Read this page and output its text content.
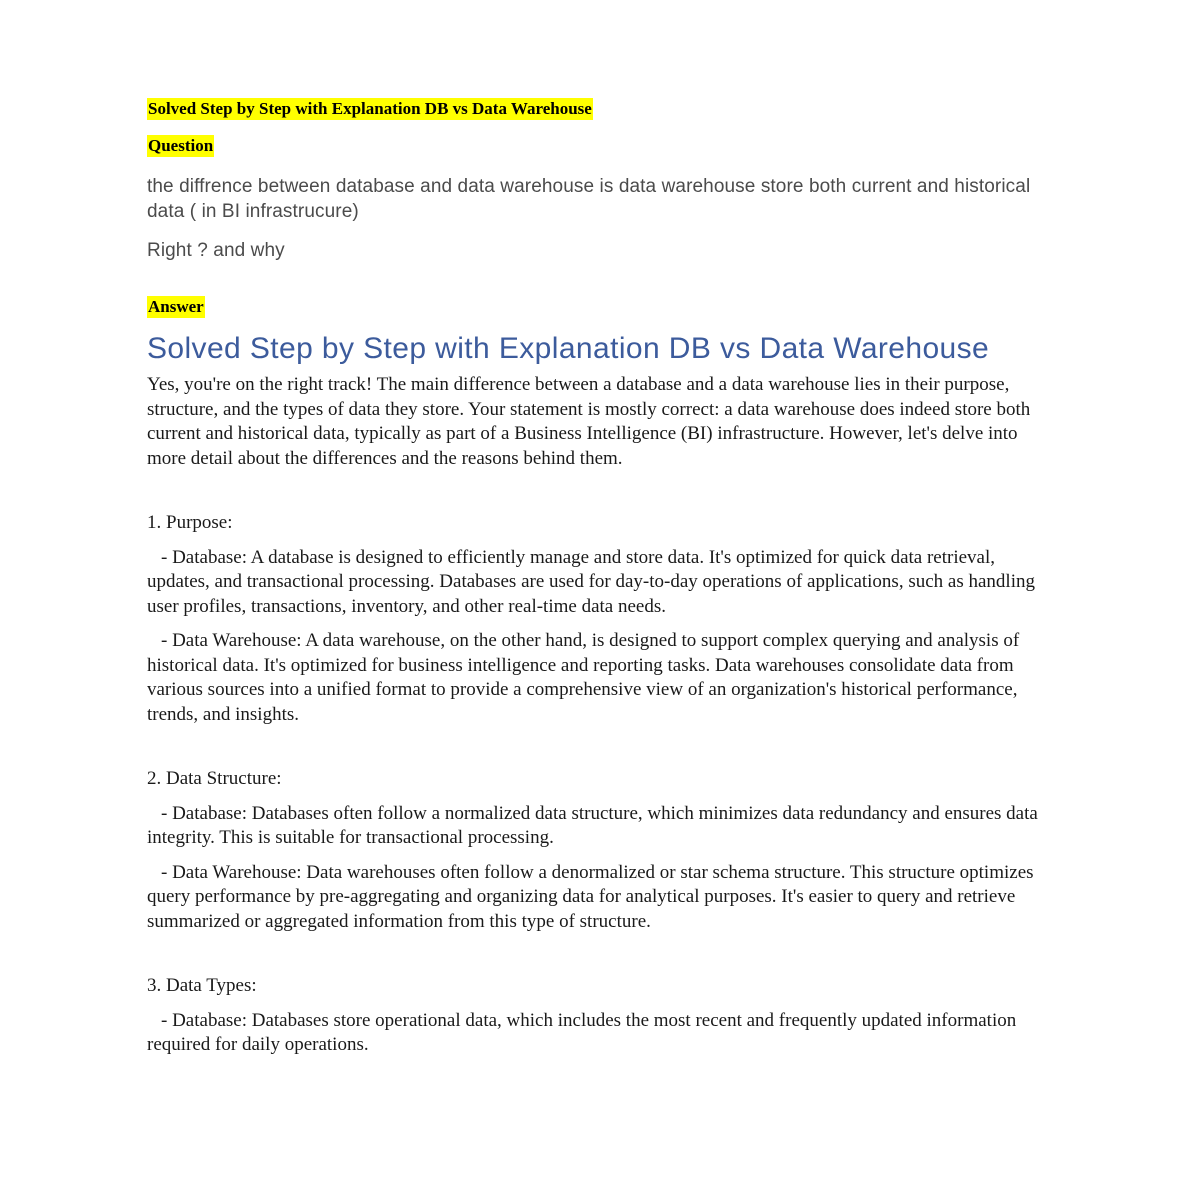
Solved Step by Step with Explanation DB vs Data Warehouse

Question

the diffrence between database and data warehouse is data warehouse store both current and historical data ( in BI infrastrucure)

Right ? and why

Answer

Solved Step by Step with Explanation DB vs Data Warehouse

Yes, you're on the right track! The main difference between a database and a data warehouse lies in their purpose, structure, and the types of data they store. Your statement is mostly correct: a data warehouse does indeed store both current and historical data, typically as part of a Business Intelligence (BI) infrastructure. However, let's delve into more detail about the differences and the reasons behind them.

1. Purpose:

- Database: A database is designed to efficiently manage and store data. It's optimized for quick data retrieval, updates, and transactional processing. Databases are used for day-to-day operations of applications, such as handling user profiles, transactions, inventory, and other real-time data needs.

- Data Warehouse: A data warehouse, on the other hand, is designed to support complex querying and analysis of historical data. It's optimized for business intelligence and reporting tasks. Data warehouses consolidate data from various sources into a unified format to provide a comprehensive view of an organization's historical performance, trends, and insights.

2. Data Structure:

- Database: Databases often follow a normalized data structure, which minimizes data redundancy and ensures data integrity. This is suitable for transactional processing.

- Data Warehouse: Data warehouses often follow a denormalized or star schema structure. This structure optimizes query performance by pre-aggregating and organizing data for analytical purposes. It's easier to query and retrieve summarized or aggregated information from this type of structure.

3. Data Types:

- Database: Databases store operational data, which includes the most recent and frequently updated information required for daily operations.
